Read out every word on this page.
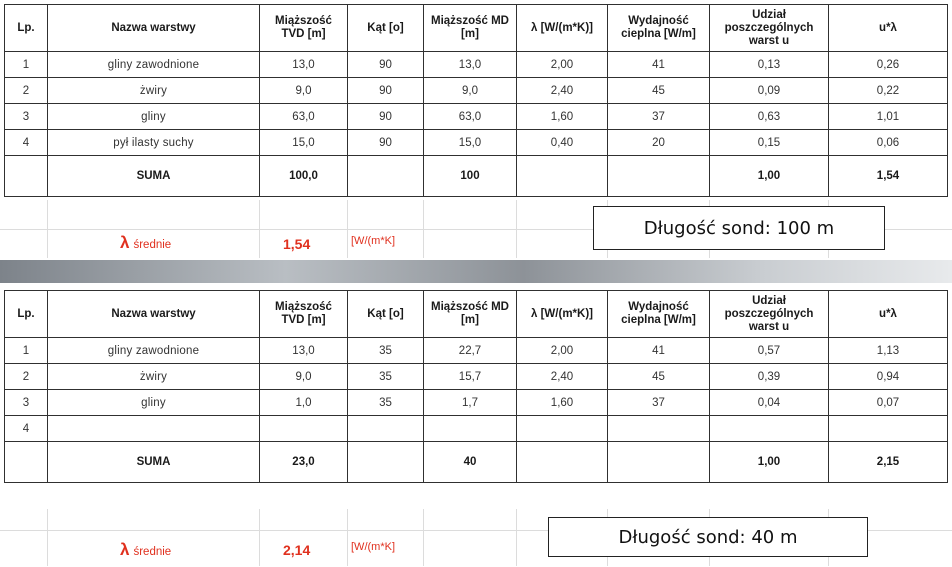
Lp.	Nazwa warstwy	Miąższość TVD [m]	Kąt [o]	Miąższość MD [m]	λ [W/(m*K)]	Wydajność cieplna [W/m]	Udział poszczególnych warst u	u*λ
1	gliny zawodnione	13,0	90	13,0	2,00	41	0,13	0,26
2	żwiry	9,0	90	9,0	2,40	45	0,09	0,22
3	gliny	63,0	90	63,0	1,60	37	0,63	1,01
4	pył ilasty suchy	15,0	90	15,0	0,40	20	0,15	0,06
	SUMA	100,0		100			1,00	1,54
λ średnie	1,54	[W/(m*K]
Długość sond: 100 m
Lp.	Nazwa warstwy	Miąższość TVD [m]	Kąt [o]	Miąższość MD [m]	λ [W/(m*K)]	Wydajność cieplna [W/m]	Udział poszczególnych warst u	u*λ
1	gliny zawodnione	13,0	35	22,7	2,00	41	0,57	1,13
2	żwiry	9,0	35	15,7	2,40	45	0,39	0,94
3	gliny	1,0	35	1,7	1,60	37	0,04	0,07
4								
	SUMA	23,0		40			1,00	2,15
λ średnie	2,14	[W/(m*K]	Długość sond: 40 m
